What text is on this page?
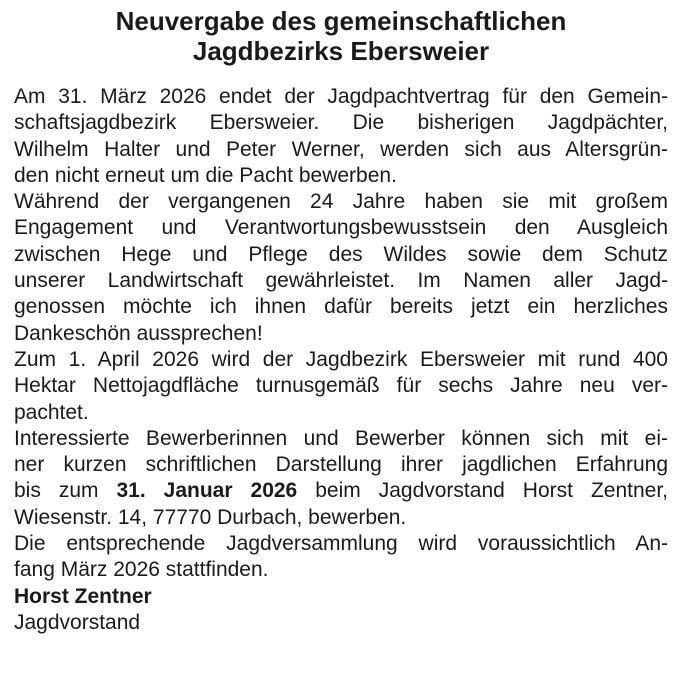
Neuvergabe des gemeinschaftlichen
Jagdbezirks Ebersweier

Am 31. März 2026 endet der Jagdpachtvertrag für den Gemein-
schaftsjagdbezirk Ebersweier. Die bisherigen Jagdpächter,
Wilhelm Halter und Peter Werner, werden sich aus Altersgrün-
den nicht erneut um die Pacht bewerben.

Während der vergangenen 24 Jahre haben sie mit großem
Engagement und Verantwortungsbewusstsein den Ausgleich
zwischen Hege und Pflege des Wildes sowie dem Schutz
unserer Landwirtschaft gewährleistet. Im Namen aller Jagd-
genossen möchte ich ihnen dafür bereits jetzt ein herzliches
Dankeschön aussprechen!

Zum 1. April 2026 wird der Jagdbezirk Ebersweier mit rund 400
Hektar Nettojagdfläche turnusgemäß für sechs Jahre neu ver-
pachtet.

Interessierte Bewerberinnen und Bewerber können sich mit ei-
ner kurzen schriftlichen Darstellung ihrer jagdlichen Erfahrung
bis zum 31. Januar 2026 beim Jagdvorstand Horst Zentner,
Wiesenstr. 14, 77770 Durbach, bewerben.

Die entsprechende Jagdversammlung wird voraussichtlich An-
fang März 2026 stattfinden.

Horst Zentner

Jagdvorstand
